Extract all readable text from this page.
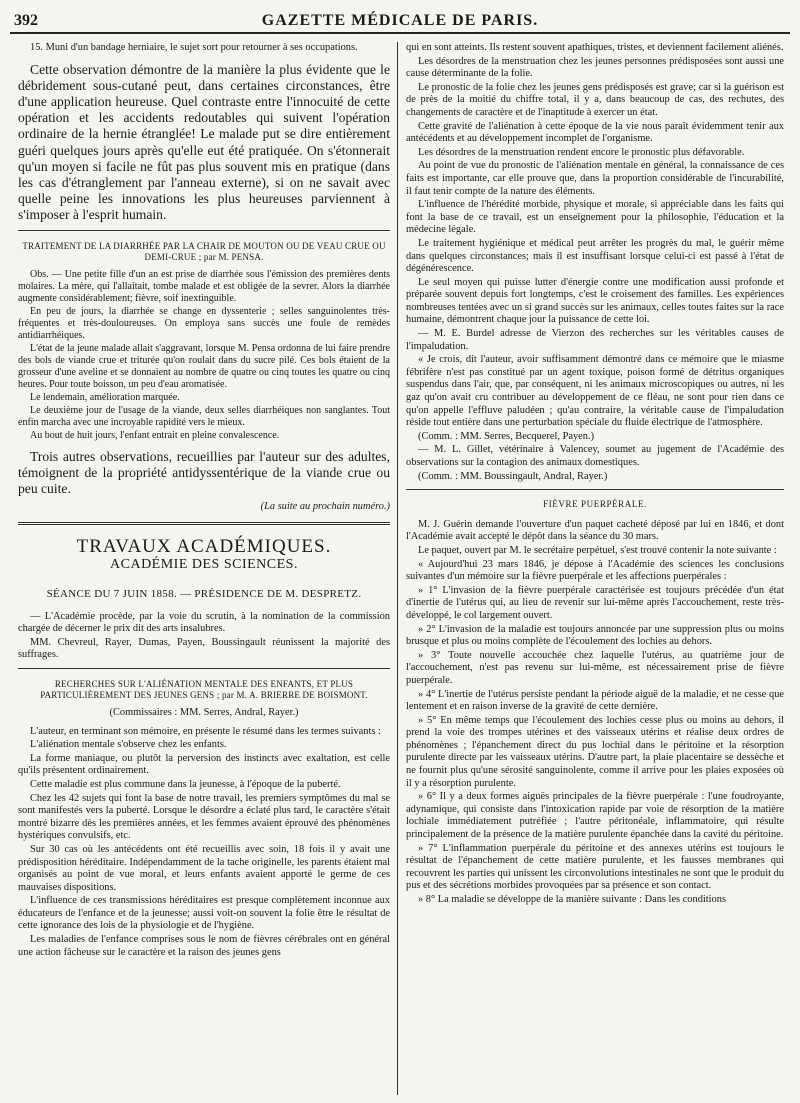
392	GAZETTE MÉDICALE DE PARIS.

15. Muni d'un bandage herniaire, le sujet sort pour retourner à ses occupations.

Cette observation démontre de la manière la plus évidente que le débridement sous-cutané peut, dans certaines circonstances, être d'une application heureuse. Quel contraste entre l'innocuité de cette opération et les accidents redoutables qui suivent l'opération ordinaire de la hernie étranglée! Le malade put se dire entièrement guéri quelques jours après qu'elle eut été pratiquée. On s'étonnerait qu'un moyen si facile ne fût pas plus souvent mis en pratique (dans les cas d'étranglement par l'anneau externe), si on ne savait avec quelle peine les innovations les plus heureuses parviennent à s'imposer à l'esprit humain.

TRAITEMENT DE LA DIARRHÉE PAR LA CHAIR DE MOUTON OU DE VEAU CRUE OU DEMI-CRUE ; par M. PENSA.

Obs. — Une petite fille d'un an est prise de diarrhée sous l'émission des premières dents molaires. La mère, qui l'allaitait, tombe malade et est obligée de la sevrer. Alors la diarrhée augmente considérablement; fièvre, soif inextinguible.

En peu de jours, la diarrhée se change en dyssenterie ; selles sanguinolentes très-fréquentes et très-douloureuses. On employa sans succès une foule de remèdes antidiarrhéiques.

L'état de la jeune malade allait s'aggravant, lorsque M. Pensa ordonna de lui faire prendre des bols de viande crue et triturée qu'on roulait dans du sucre pilé. Ces bols étaient de la grosseur d'une aveline et se donnaient au nombre de quatre ou cinq toutes les quatre ou cinq heures. Pour toute boisson, un peu d'eau aromatisée.

Le lendemain, amélioration marquée.

Le deuxième jour de l'usage de la viande, deux selles diarrhéiques non sanglantes. Tout enfin marcha avec une incroyable rapidité vers le mieux.

Au bout de huit jours, l'enfant entrait en pleine convalescence.

Trois autres observations, recueillies par l'auteur sur des adultes, témoignent de la propriété antidyssentérique de la viande crue ou peu cuite.

(La suite au prochain numéro.)

TRAVAUX ACADÉMIQUES.

ACADÉMIE DES SCIENCES.

SÉANCE DU 7 JUIN 1858. — PRÉSIDENCE DE M. DESPRETZ.

— L'Académie procède, par la voie du scrutin, à la nomination de la commission chargée de décerner le prix dit des arts insalubres.

MM. Chevreul, Rayer, Dumas, Payen, Boussingault réunissent la majorité des suffrages.

RECHERCHES SUR L'ALIÉNATION MENTALE DES ENFANTS, ET PLUS PARTICULIÈREMENT DES JEUNES GENS ; par M. A. BRIERRE DE BOISMONT.

(Commissaires : MM. Serres, Andral, Rayer.)

L'auteur, en terminant son mémoire, en présente le résumé dans les termes suivants :

L'aliénation mentale s'observe chez les enfants.

La forme maniaque, ou plutôt la perversion des instincts avec exaltation, est celle qu'ils présentent ordinairement.

Cette maladie est plus commune dans la jeunesse, à l'époque de la puberté.

Chez les 42 sujets qui font la base de notre travail, les premiers symptômes du mal se sont manifestés vers la puberté. Lorsque le désordre a éclaté plus tard, le caractère s'était montré bizarre dès les premières années, et les femmes avaient éprouvé des phénomènes hystériques convulsifs, etc.

Sur 30 cas où les antécédents ont été recueillis avec soin, 18 fois il y avait une prédisposition héréditaire. Indépendamment de la tache originelle, les parents étaient mal organisés au point de vue moral, et leurs enfants avaient apporté le germe de ces mauvaises dispositions.

L'influence de ces transmissions héréditaires est presque complètement inconnue aux éducateurs de l'enfance et de la jeunesse; aussi voit-on souvent la folie être le résultat de cette ignorance des lois de la physiologie et de l'hygiène.

Les maladies de l'enfance comprises sous le nom de fièvres cérébrales ont en général une action fâcheuse sur le caractère et la raison des jeunes gens

qui en sont atteints. Ils restent souvent apathiques, tristes, et deviennent facilement aliénés.

Les désordres de la menstruation chez les jeunes personnes prédisposées sont aussi une cause déterminante de la folie.

Le pronostic de la folie chez les jeunes gens prédisposés est grave; car si la guérison est de près de la moitié du chiffre total, il y a, dans beaucoup de cas, des rechutes, des changements de caractère et de l'inaptitude à exercer un état.

Cette gravité de l'aliénation à cette époque de la vie nous paraît évidemment tenir aux antécédents et au développement incomplet de l'organisme.

Les désordres de la menstruation rendent encore le pronostic plus défavorable.

Au point de vue du pronostic de l'aliénation mentale en général, la connaissance de ces faits est importante, car elle prouve que, dans la proportion considérable de l'incurabilité, il faut tenir compte de la nature des éléments.

L'influence de l'hérédité morbide, physique et morale, si appréciable dans les faits qui font la base de ce travail, est un enseignement pour la philosophie, l'éducation et la médecine légale.

Le traitement hygiénique et médical peut arrêter les progrès du mal, le guérir même dans quelques circonstances; mais il est insuffisant lorsque celui-ci est passé à l'état de dégénérescence.

Le seul moyen qui puisse lutter d'énergie contre une modification aussi profonde et préparée souvent depuis fort longtemps, c'est le croisement des familles. Les expériences nombreuses tentées avec un si grand succès sur les animaux, celles toutes faites sur la race humaine, démontrent chaque jour la puissance de cette loi.

— M. E. Burdel adresse de Vierzon des recherches sur les véritables causes de l'impaludation.

« Je crois, dit l'auteur, avoir suffisamment démontré dans ce mémoire que le miasme fébrifère n'est pas constitué par un agent toxique, poison formé de détritus organiques suspendus dans l'air, que, par conséquent, ni les animaux microscopiques ou autres, ni les gaz qu'on avait cru contribuer au développement de ce fléau, ne sont pour rien dans ce qu'on appelle l'effluve paludéen ; qu'au contraire, la véritable cause de l'impaludation réside tout entière dans une perturbation spéciale du fluide électrique de l'atmosphère.

(Comm. : MM. Serres, Becquerel, Payen.)

— M. L. Gillet, vétérinaire à Valencey, soumet au jugement de l'Académie des observations sur la contagion des animaux domestiques.

(Comm. : MM. Boussingault, Andral, Rayer.)

FIÈVRE PUERPÉRALE.

M. J. Guérin demande l'ouverture d'un paquet cacheté déposé par lui en 1846, et dont l'Académie avait accepté le dépôt dans la séance du 30 mars.

Le paquet, ouvert par M. le secrétaire perpétuel, s'est trouvé contenir la note suivante :

« Aujourd'hui 23 mars 1846, je dépose à l'Académie des sciences les conclusions suivantes d'un mémoire sur la fièvre puerpérale et les affections puerpérales :

» 1° L'invasion de la fièvre puerpérale caractérisée est toujours précédée d'un état d'inertie de l'utérus qui, au lieu de revenir sur lui-même après l'accouchement, reste très-développé, le col largement ouvert.

» 2° L'invasion de la maladie est toujours annoncée par une suppression plus ou moins brusque et plus ou moins complète de l'écoulement des lochies au dehors.

» 3° Toute nouvelle accouchée chez laquelle l'utérus, au quatrième jour de l'accouchement, n'est pas revenu sur lui-même, est nécessairement prise de fièvre puerpérale.

» 4° L'inertie de l'utérus persiste pendant la période aiguë de la maladie, et ne cesse que lentement et en raison inverse de la gravité de cette dernière.

» 5° En même temps que l'écoulement des lochies cesse plus ou moins au dehors, il prend la voie des trompes utérines et des vaisseaux utérins et réalise deux ordres de phénomènes ; l'épanchement direct du pus lochial dans le péritoine et la résorption purulente directe par les vaisseaux utérins. D'autre part, la plaie placentaire se dessèche et ne fournit plus qu'une sérosité sanguinolente, comme il arrive pour les plaies exposées où il y a résorption purulente.

» 6° Il y a deux formes aiguës principales de la fièvre puerpérale : l'une foudroyante, adynamique, qui consiste dans l'intoxication rapide par voie de résorption de la matière lochiale immédiatement putréfiée ; l'autre péritonéale, inflammatoire, qui résulte principalement de la présence de la matière purulente épanchée dans la cavité du péritoine.

» 7° L'inflammation puerpérale du péritoine et des annexes utérins est toujours le résultat de l'épanchement de cette matière purulente, et les fausses membranes qui recouvrent les parties qui unissent les circonvolutions intestinales ne sont que le produit du pus et des sécrétions morbides provoquées par sa présence et son contact.

» 8° La maladie se développe de la manière suivante : Dans les conditions
